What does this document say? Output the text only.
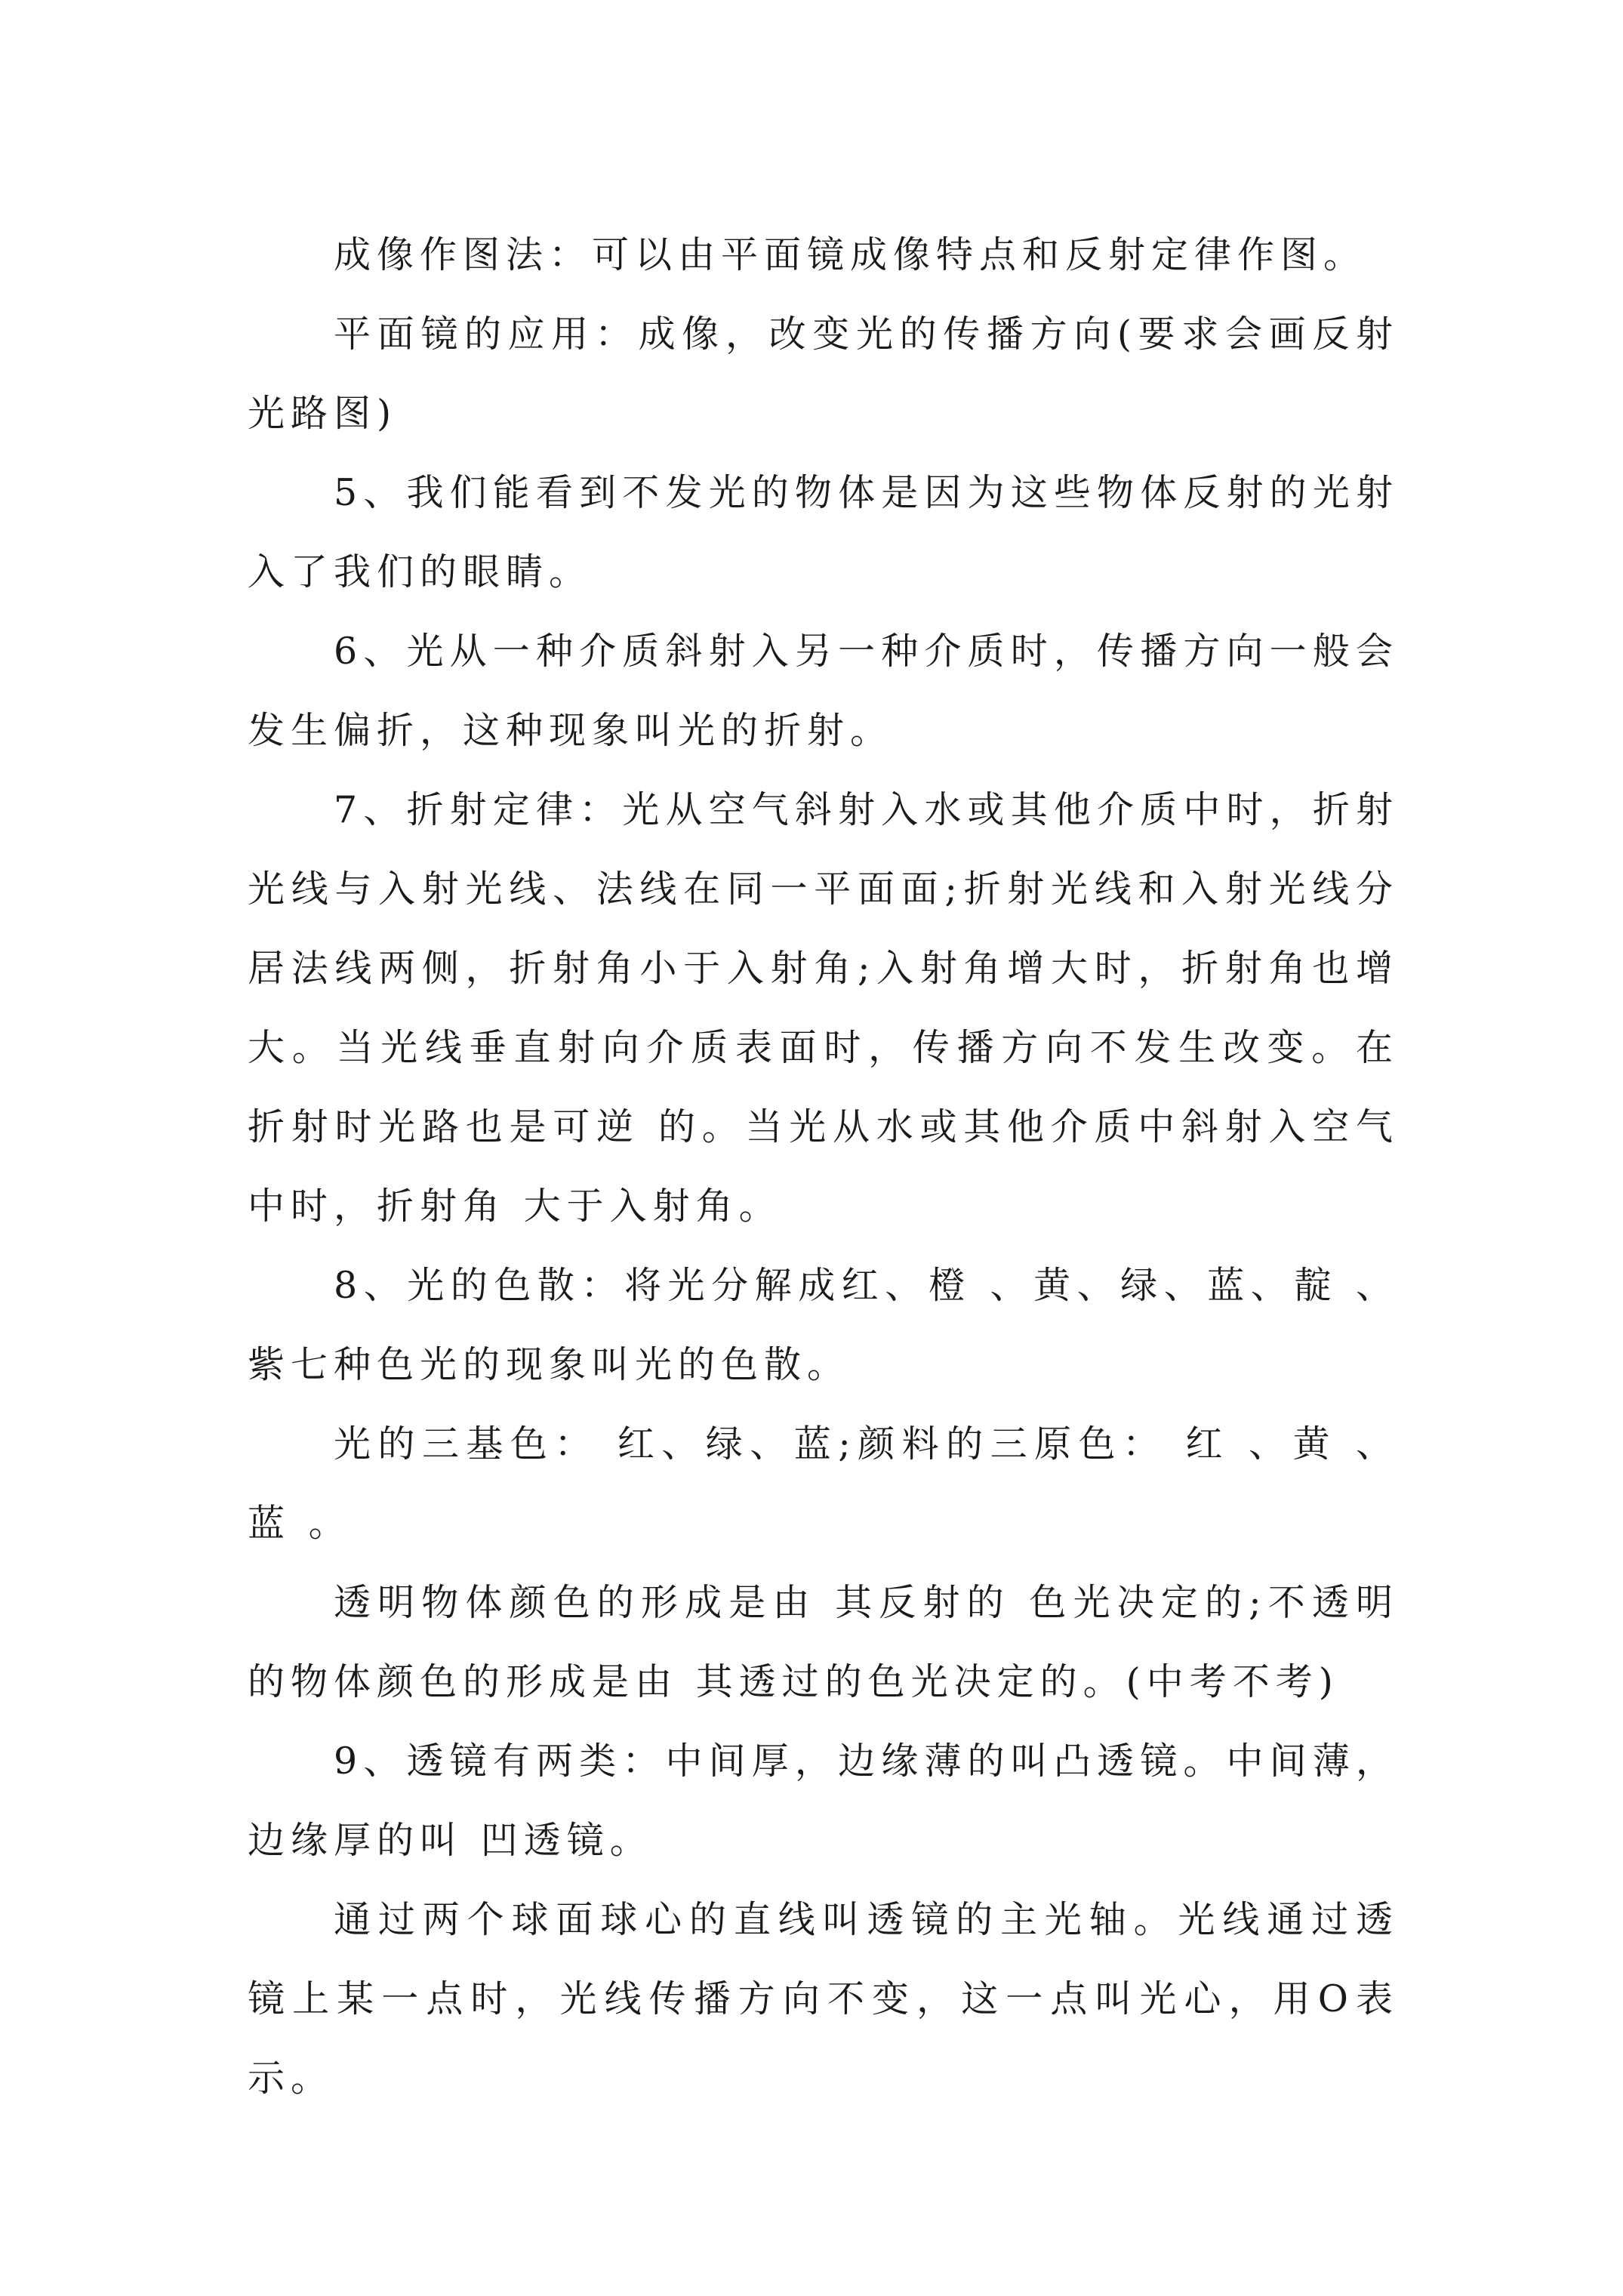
成像作图法：可以由平面镜成像特点和反射定律作图。

平面镜的应用：成像，改变光的传播方向(要求会画反射光路图)

5、我们能看到不发光的物体是因为这些物体反射的光射入了我们的眼睛。

6、光从一种介质斜射入另一种介质时，传播方向一般会发生偏折，这种现象叫光的折射。

7、折射定律：光从空气斜射入水或其他介质中时，折射光线与入射光线、法线在同一平面面;折射光线和入射光线分居法线两侧，折射角小于入射角;入射角增大时，折射角也增大。当光线垂直射向介质表面时，传播方向不发生改变。在折射时光路也是可逆 的。当光从水或其他介质中斜射入空气中时，折射角 大于入射角。

8、光的色散：将光分解成红、橙 、黄、绿、蓝、靛 、紫七种色光的现象叫光的色散。

光的三基色： 红、绿、蓝;颜料的三原色： 红 、黄 、蓝 。

透明物体颜色的形成是由 其反射的 色光决定的;不透明的物体颜色的形成是由 其透过的色光决定的。(中考不考)

9、透镜有两类：中间厚，边缘薄的叫凸透镜。中间薄，边缘厚的叫 凹透镜。

通过两个球面球心的直线叫透镜的主光轴。光线通过透镜上某一点时，光线传播方向不变，这一点叫光心，用O表示。
